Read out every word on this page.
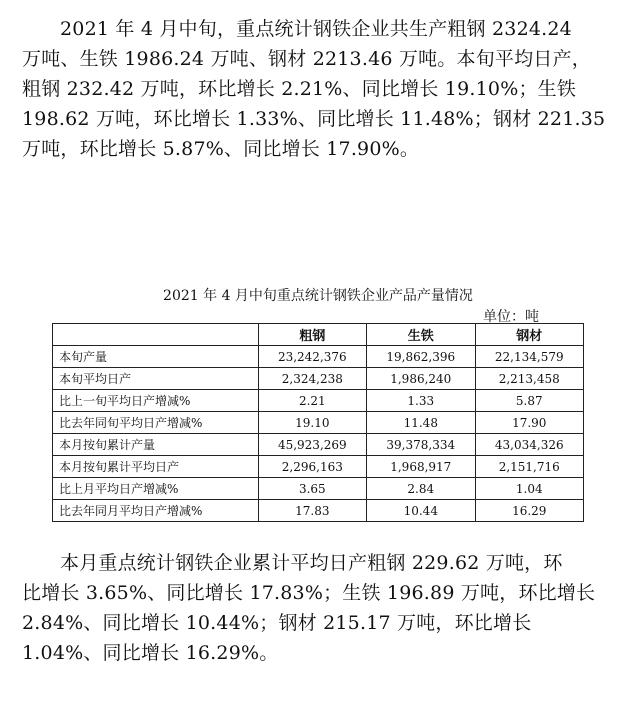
2021 年 4 月中旬，重点统计钢铁企业共生产粗钢 2324.24
万吨、生铁 1986.24 万吨、钢材 2213.46 万吨。本旬平均日产，
粗钢 232.42 万吨，环比增长 2.21%、同比增长 19.10%；生铁
198.62 万吨，环比增长 1.33%、同比增长 11.48%；钢材 221.35
万吨，环比增长 5.87%、同比增长 17.90%。
2021 年 4 月中旬重点统计钢铁企业产品产量情况
单位：吨
	粗钢	生铁	钢材
本旬产量	23,242,376	19,862,396	22,134,579
本旬平均日产	2,324,238	1,986,240	2,213,458
比上一旬平均日产增减%	2.21	1.33	5.87
比去年同旬平均日产增减%	19.10	11.48	17.90
本月按旬累计产量	45,923,269	39,378,334	43,034,326
本月按旬累计平均日产	2,296,163	1,968,917	2,151,716
比上月平均日产增减%	3.65	2.84	1.04
比去年同月平均日产增减%	17.83	10.44	16.29
本月重点统计钢铁企业累计平均日产粗钢 229.62 万吨，环
比增长 3.65%、同比增长 17.83%；生铁 196.89 万吨，环比增长
2.84%、同比增长 10.44%；钢材 215.17 万吨，环比增长
1.04%、同比增长 16.29%。
